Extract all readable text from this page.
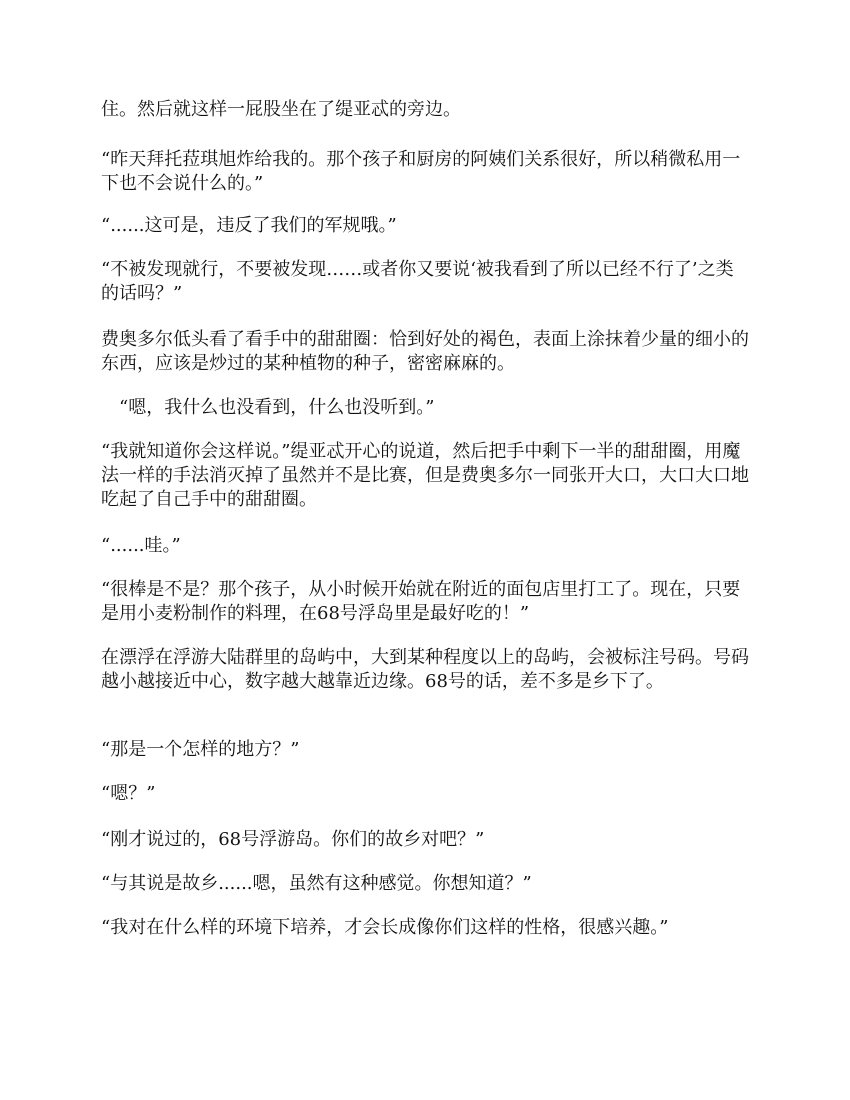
住。然后就这样一屁股坐在了缇亚忒的旁边。
“昨天拜托菈琪旭炸给我的。那个孩子和厨房的阿姨们关系很好，所以稍微私用一下也不会说什么的。”
“......这可是，违反了我们的军规哦。”
“不被发现就行，不要被发现……或者你又要说‘被我看到了所以已经不行了’之类的话吗？”
费奥多尔低头看了看手中的甜甜圈：恰到好处的褐色，表面上涂抹着少量的细小的东西，应该是炒过的某种植物的种子，密密麻麻的。
“嗯，我什么也没看到，什么也没听到。”
“我就知道你会这样说。”缇亚忒开心的说道，然后把手中剩下一半的甜甜圈，用魔法一样的手法消灭掉了虽然并不是比赛，但是费奥多尔一同张开大口，大口大口地吃起了自己手中的甜甜圈。
“......哇。”
“很棒是不是？那个孩子，从小时候开始就在附近的面包店里打工了。现在，只要是用小麦粉制作的料理，在68号浮岛里是最好吃的！”
在漂浮在浮游大陆群里的岛屿中，大到某种程度以上的岛屿，会被标注号码。号码越小越接近中心，数字越大越靠近边缘。68号的话，差不多是乡下了。
“那是一个怎样的地方？”
“嗯？”
“刚才说过的，68号浮游岛。你们的故乡对吧？”
“与其说是故乡......嗯，虽然有这种感觉。你想知道？”
“我对在什么样的环境下培养，才会长成像你们这样的性格，很感兴趣。”
